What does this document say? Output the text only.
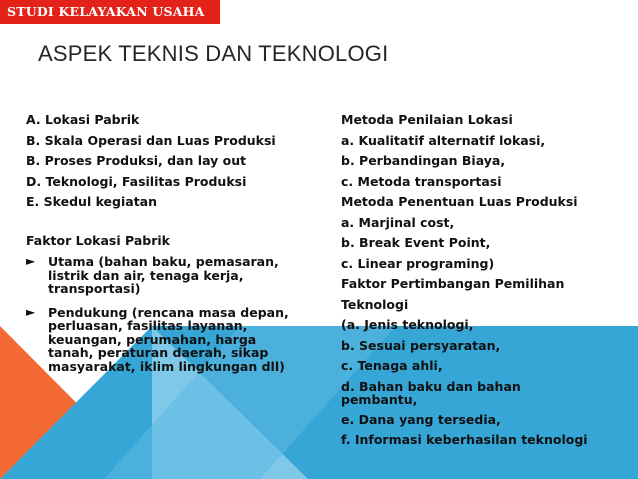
STUDI KELAYAKAN USAHA
ASPEK TEKNIS DAN TEKNOLOGI
A. Lokasi Pabrik
B. Skala Operasi dan Luas Produksi
B. Proses Produksi, dan lay out
D. Teknologi, Fasilitas Produksi
E. Skedul kegiatan
Faktor Lokasi Pabrik
►	Utama (bahan baku, pemasaran,
listrik dan air, tenaga kerja,
transportasi)
►	Pendukung (rencana masa depan,
perluasan, fasilitas layanan,
keuangan, perumahan, harga
tanah, peraturan daerah, sikap
masyarakat, iklim lingkungan dll)
Metoda Penilaian Lokasi
a. Kualitatif alternatif lokasi,
b. Perbandingan Biaya,
c. Metoda transportasi
Metoda Penentuan Luas Produksi
a. Marjinal cost,
b. Break Event Point,
c. Linear programing)
Faktor Pertimbangan Pemilihan
Teknologi
(a. Jenis teknologi,
b. Sesuai persyaratan,
c. Tenaga ahli,
d. Bahan baku dan bahan
pembantu,
e. Dana yang tersedia,
f. Informasi keberhasilan teknologi
